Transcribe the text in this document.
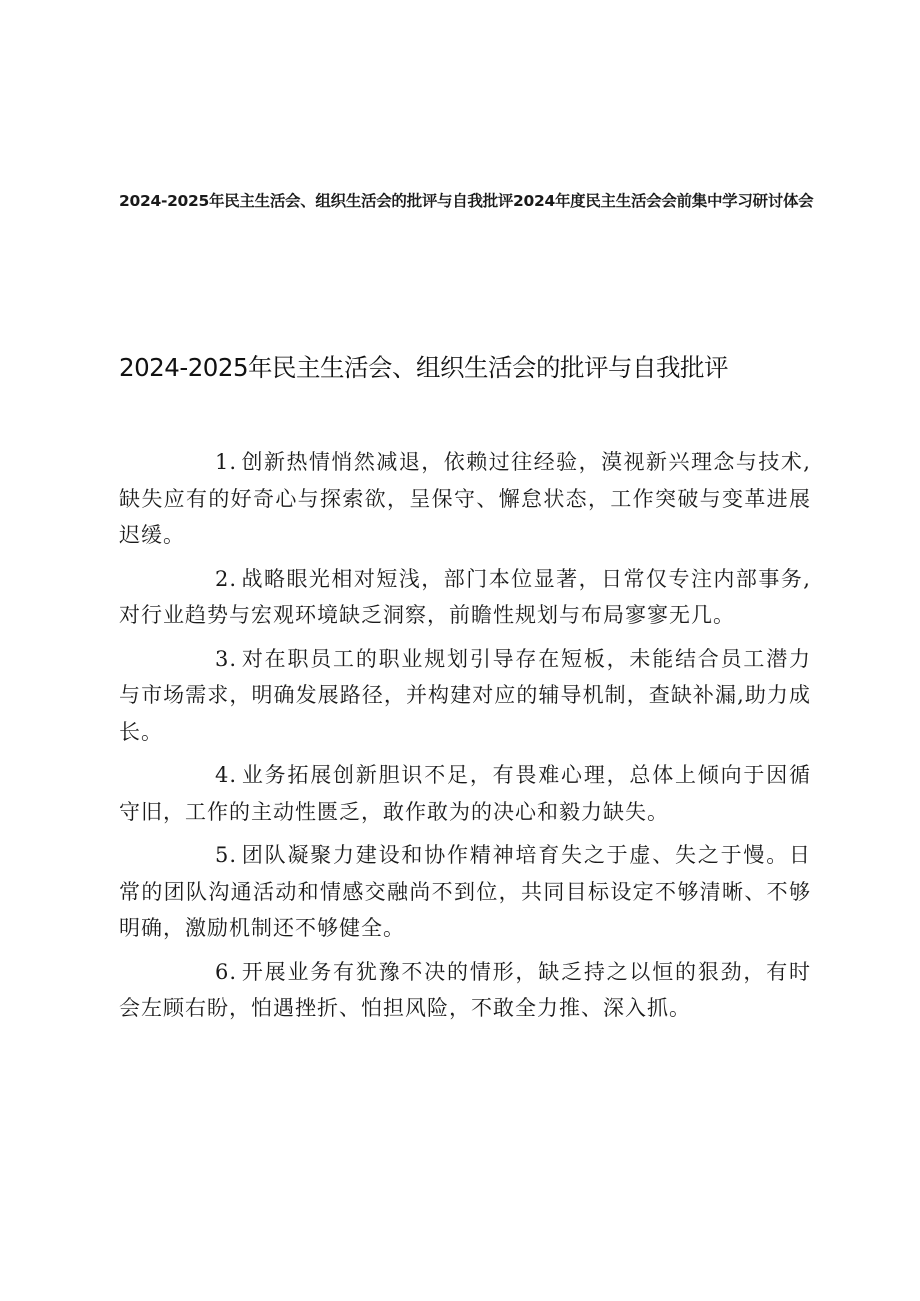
2024-2025年民主生活会、组织生活会的批评与自我批评2024年度民主生活会会前集中学习研讨体会
2024-2025年民主生活会、组织生活会的批评与自我批评

1. 创新热情悄然减退，依赖过往经验，漠视新兴理念与技术,缺失应有的好奇心与探索欲，呈保守、懈怠状态，工作突破与变革进展迟缓。

2. 战略眼光相对短浅，部门本位显著，日常仅专注内部事务,对行业趋势与宏观环境缺乏洞察，前瞻性规划与布局寥寥无几。

3. 对在职员工的职业规划引导存在短板，未能结合员工潜力与市场需求，明确发展路径，并构建对应的辅导机制，查缺补漏,助力成长。

4. 业务拓展创新胆识不足，有畏难心理，总体上倾向于因循守旧，工作的主动性匮乏，敢作敢为的决心和毅力缺失。

5. 团队凝聚力建设和协作精神培育失之于虚、失之于慢。日常的团队沟通活动和情感交融尚不到位，共同目标设定不够清晰、不够明确，激励机制还不够健全。

6. 开展业务有犹豫不决的情形，缺乏持之以恒的狠劲，有时会左顾右盼，怕遇挫折、怕担风险，不敢全力推、深入抓。
